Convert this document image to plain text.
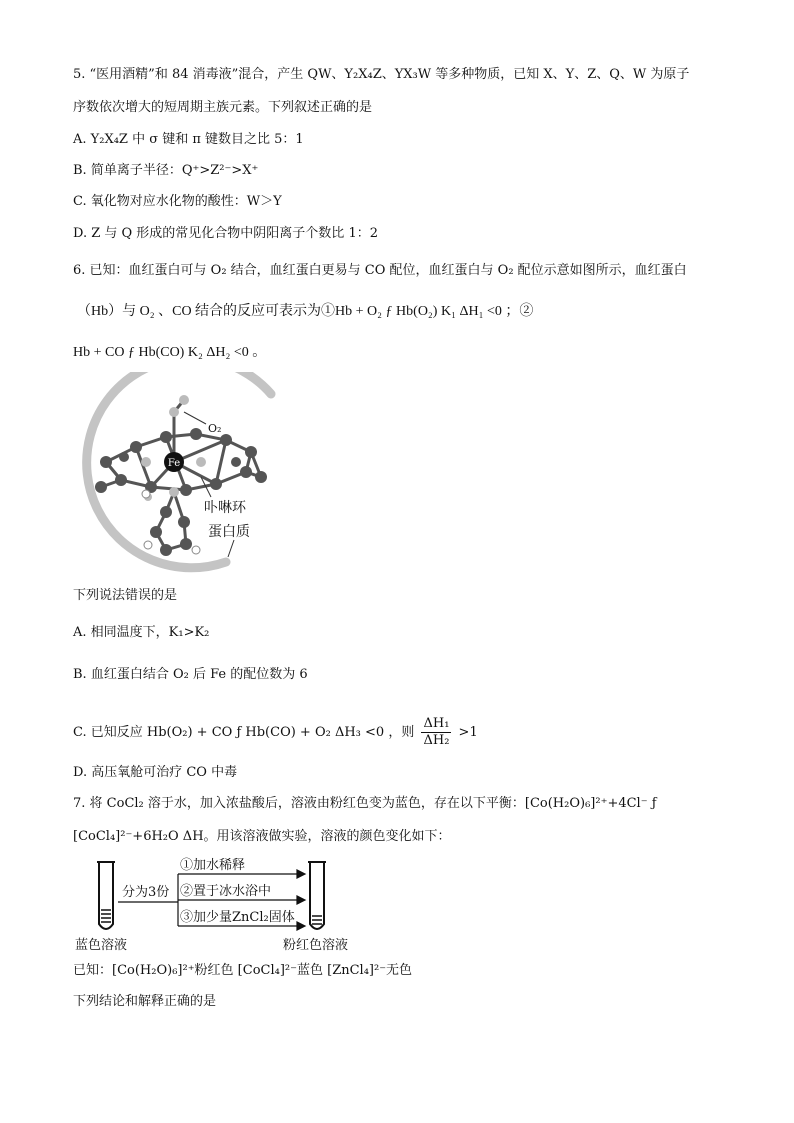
5. “医用酒精”和 84 消毒液”混合，产生 QW、Y₂X₄Z、YX₃W 等多种物质，已知 X、Y、Z、Q、W 为原子
序数依次增大的短周期主族元素。下列叙述正确的是
A. Y₂X₄Z 中 σ 键和 π 键数目之比 5：1
B. 简单离子半径：Q⁺>Z²⁻>X⁺
C. 氧化物对应水化物的酸性：W＞Y
D. Z 与 Q 形成的常见化合物中阴阳离子个数比 1：2
6. 已知：血红蛋白可与 O₂ 结合，血红蛋白更易与 CO 配位，血红蛋白与 O₂ 配位示意如图所示，血红蛋白
（Hb）与 O₂ 、CO 结合的反应可表示为①Hb + O₂ ƒ Hb(O₂) K₁ ΔH₁ <0 ；②
Hb + CO ƒ Hb(CO) K₂ ΔH₂ <0 。
Fe
O₂
卟啉环
蛋白质
下列说法错误的是
A. 相同温度下，K₁>K₂
B. 血红蛋白结合 O₂ 后 Fe 的配位数为 6
C. 已知反应 Hb(O₂) + CO ƒ Hb(CO) + O₂ ΔH₃ <0 ，则 $\frac{\text{ΔH₁}}{\text{ΔH₂}} >1$
D. 高压氧舱可治疗 CO 中毒
7. 将 CoCl₂ 溶于水，加入浓盐酸后，溶液由粉红色变为蓝色，存在以下平衡：[Co(H₂O)₆]²⁺+4Cl⁻ ƒ
[CoCl₄]²⁻+6H₂O ΔH。用该溶液做实验，溶液的颜色变化如下：
分为3份
①加水稀释
②置于冰水浴中
③加少量ZnCl₂固体
蓝色溶液	粉红色溶液
已知：[Co(H₂O)₆]²⁺粉红色 [CoCl₄]²⁻蓝色 [ZnCl₄]²⁻无色
下列结论和解释正确的是
